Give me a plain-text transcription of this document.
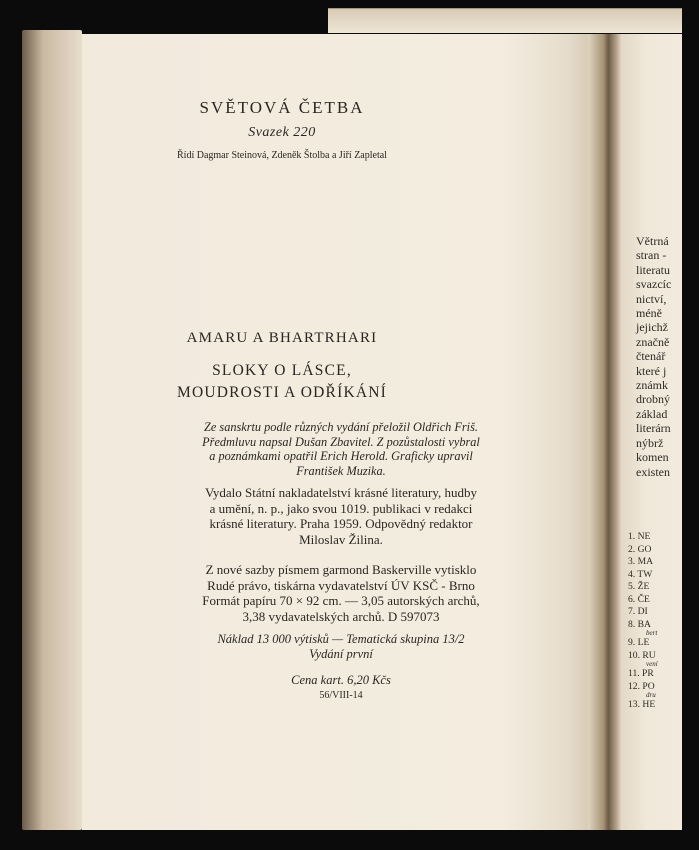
SVĚTOVÁ ČETBA
Svazek 220
Řídí Dagmar Steinová, Zdeněk Štolba a Jiří Zapletal
AMARU A BHARTRHARI
SLOKY O LÁSCE,
MOUDROSTI A ODŘÍKÁNÍ
Ze sanskrtu podle různých vydání přeložil Oldřich Friš.
Předmluvu napsal Dušan Zbavitel. Z pozůstalosti vybral
a poznámkami opatřil Erich Herold. Graficky upravil
František Muzika.
Vydalo Státní nakladatelství krásné literatury, hudby
a umění, n. p., jako svou 1019. publikaci v redakci
krásné literatury. Praha 1959. Odpovědný redaktor
Miloslav Žilina.
Z nové sazby písmem garmond Baskerville vytisklo
Rudé právo, tiskárna vydavatelství ÚV KSČ - Brno
Formát papíru 70 × 92 cm. — 3,05 autorských archů,
3,38 vydavatelských archů. D 597073
Náklad 13 000 výtisků — Tematická skupina 13/2
Vydání první
Cena kart. 6,20 Kčs
56/VIII-14
Větrná
stran -
literatu
svazcíc
nictví,
méně
jejichž
značně
čtenář
které j
známk
drobný
základ
literárn
nýbrž
komen
existen
1. NE
2. GO
3. MA
4. TW
5. ŽE
6. ČE
7. DI
8. BA
bert
9. LE
10. RU
vení
11. PR
12. PO
dru
13. HE
